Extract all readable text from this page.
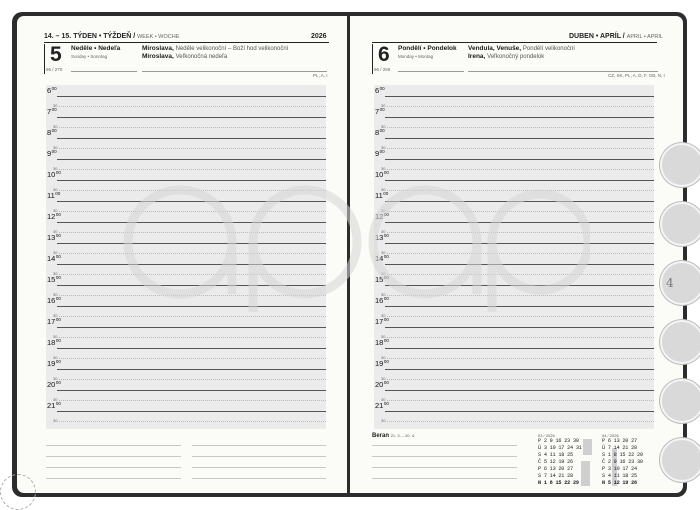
14. – 15. TÝDEN • TÝŽDEŇ / WEEK • WOCHE	2026
5 Neděle • Nedeľa
Sunday • Sonntag
95 / 270
Miroslava, Neděle velikonoční – Boží hod velikonoční
Miroslava, Veľkonočná nedeľa
PL, A, I
$6^{00}$
30
$7^{00}$
30
$8^{00}$
30
$9^{00}$
30
$10^{00}$
30
$11^{00}$
30
$12^{00}$
30
$13^{00}$
30
$14^{00}$
30
$15^{00}$
30
$16^{00}$
30
$17^{00}$
30
$18^{00}$
30
$19^{00}$
30
$20^{00}$
30
$21^{00}$
30
DUBEN • APRÍL / APRIL • APRIL
6 Pondělí • Pondelok
Monday • Montag
96 / 269
Vendula, Venuše, Pondělí velikonoční
Irena, Veľkonočný pondelok
CZ, SK, PL, A, D, F, GB, N, I
$6^{00}$
30
$7^{00}$
30
$8^{00}$
30
$9^{00}$
30
$10^{00}$
30
$11^{00}$
30
$12^{00}$
30
$13^{00}$
30
$14^{00}$
30
$15^{00}$
30
$16^{00}$
30
$17^{00}$
30
$18^{00}$
30
$19^{00}$
30
$20^{00}$
30
$21^{00}$
30
Beran 21. 3. – 20. 4.	03 / 2026
P 2 9 16 23 30
Ú 3 10 17 24 31
S 4 11 18 25
Č 5 12 19 26
P 6 13 20 27
S 7 14 21 28
N 1 8 15 22 29
04 / 2026
P 6 13 20 27
Ú 7 14 21 28
S 1 8 15 22 29
Č 2 9 16 23 30
P 3 10 17 24
S 4 11 18 25
N 5 12 19 26
4
